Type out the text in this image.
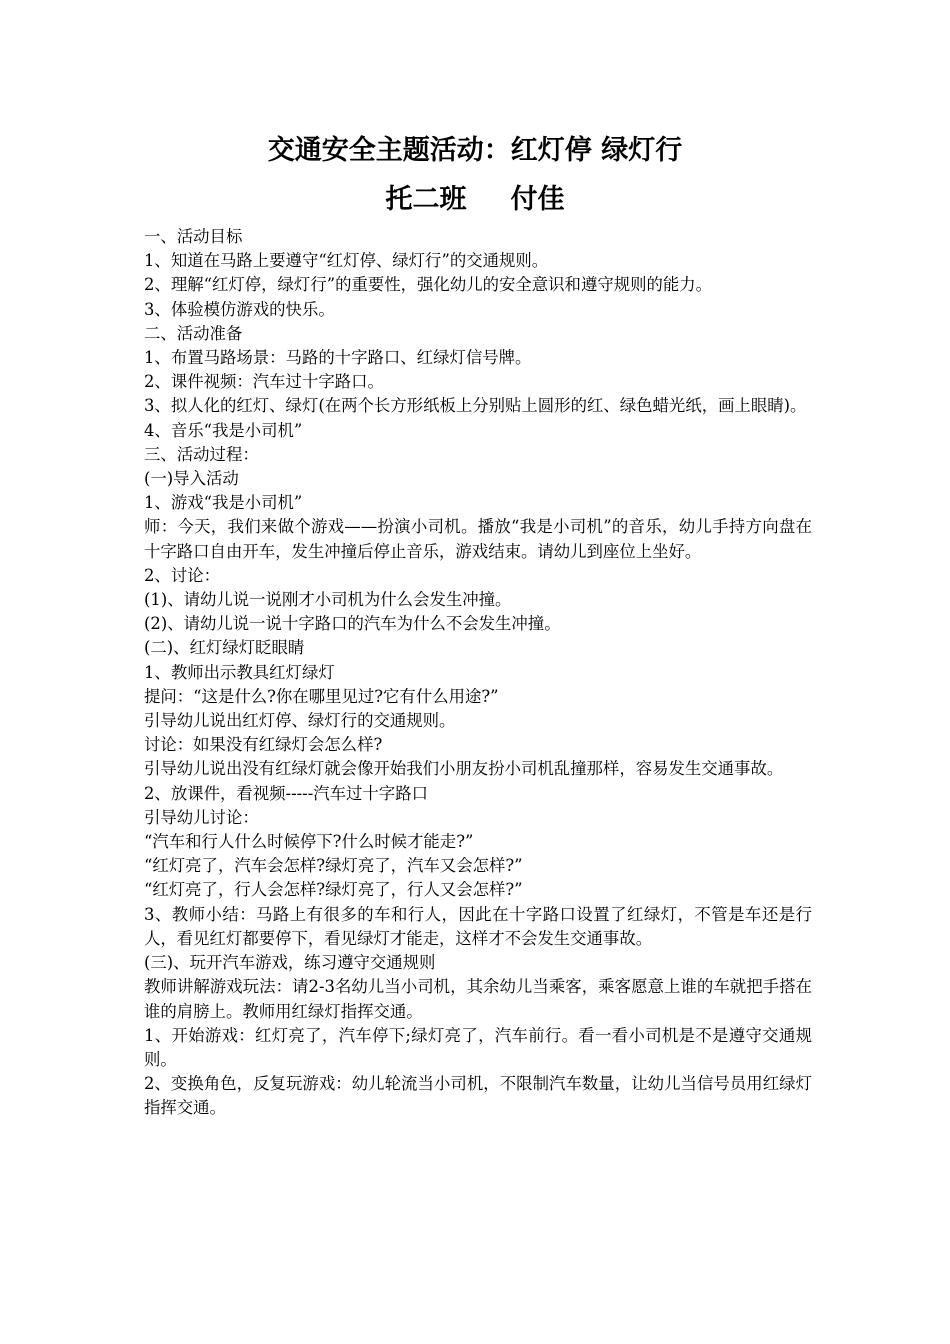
交通安全主题活动：红灯停 绿灯行
托二班 付佳

一、活动目标

1、知道在马路上要遵守“红灯停、绿灯行”的交通规则。

2、理解“红灯停，绿灯行”的重要性，强化幼儿的安全意识和遵守规则的能力。

3、体验模仿游戏的快乐。

二、活动准备

1、布置马路场景：马路的十字路口、红绿灯信号牌。

2、课件视频：汽车过十字路口。

3、拟人化的红灯、绿灯(在两个长方形纸板上分别贴上圆形的红、绿色蜡光纸，画上眼睛)。

4、音乐“我是小司机”

三、活动过程：

(一)导入活动

1、游戏“我是小司机”

师：今天，我们来做个游戏——扮演小司机。播放“我是小司机”的音乐，幼儿手持方向盘在十字路口自由开车，发生冲撞后停止音乐，游戏结束。请幼儿到座位上坐好。

2、讨论：

(1)、请幼儿说一说刚才小司机为什么会发生冲撞。

(2)、请幼儿说一说十字路口的汽车为什么不会发生冲撞。

(二)、红灯绿灯眨眼睛

1、教师出示教具红灯绿灯

提问：“这是什么?你在哪里见过?它有什么用途?”

引导幼儿说出红灯停、绿灯行的交通规则。

讨论：如果没有红绿灯会怎么样?

引导幼儿说出没有红绿灯就会像开始我们小朋友扮小司机乱撞那样，容易发生交通事故。

2、放课件，看视频-----汽车过十字路口

引导幼儿讨论：

“汽车和行人什么时候停下?什么时候才能走?”

“红灯亮了，汽车会怎样?绿灯亮了，汽车又会怎样?”

“红灯亮了，行人会怎样?绿灯亮了，行人又会怎样?”

3、教师小结：马路上有很多的车和行人，因此在十字路口设置了红绿灯，不管是车还是行人，看见红灯都要停下，看见绿灯才能走，这样才不会发生交通事故。

(三)、玩开汽车游戏，练习遵守交通规则

教师讲解游戏玩法：请2-3名幼儿当小司机，其余幼儿当乘客，乘客愿意上谁的车就把手搭在谁的肩膀上。教师用红绿灯指挥交通。

1、开始游戏：红灯亮了，汽车停下;绿灯亮了，汽车前行。看一看小司机是不是遵守交通规则。

2、变换角色，反复玩游戏：幼儿轮流当小司机，不限制汽车数量，让幼儿当信号员用红绿灯指挥交通。
